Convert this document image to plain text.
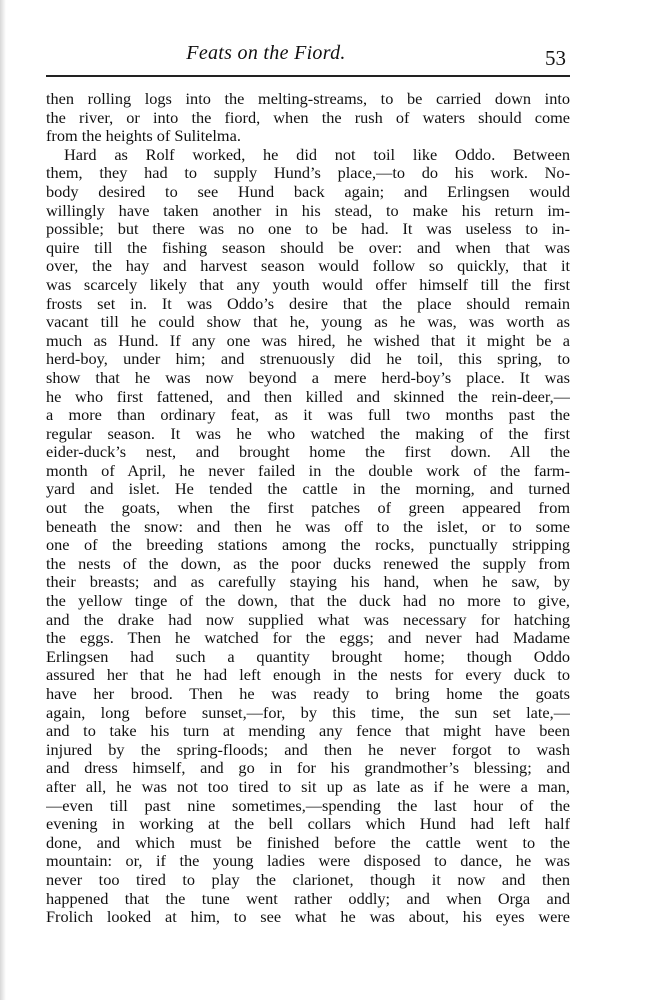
Feats on the Fiord.	53
then rolling logs into the melting-streams, to be carried down into
the river, or into the fiord, when the rush of waters should come
from the heights of Sulitelma.
Hard as Rolf worked, he did not toil like Oddo. Between
them, they had to supply Hund’s place,—to do his work. No-
body desired to see Hund back again; and Erlingsen would
willingly have taken another in his stead, to make his return im-
possible; but there was no one to be had. It was useless to in-
quire till the fishing season should be over: and when that was
over, the hay and harvest season would follow so quickly, that it
was scarcely likely that any youth would offer himself till the first
frosts set in. It was Oddo’s desire that the place should remain
vacant till he could show that he, young as he was, was worth as
much as Hund. If any one was hired, he wished that it might be a
herd-boy, under him; and strenuously did he toil, this spring, to
show that he was now beyond a mere herd-boy’s place. It was
he who first fattened, and then killed and skinned the rein-deer,—
a more than ordinary feat, as it was full two months past the
regular season. It was he who watched the making of the first
eider-duck’s nest, and brought home the first down. All the
month of April, he never failed in the double work of the farm-
yard and islet. He tended the cattle in the morning, and turned
out the goats, when the first patches of green appeared from
beneath the snow: and then he was off to the islet, or to some
one of the breeding stations among the rocks, punctually stripping
the nests of the down, as the poor ducks renewed the supply from
their breasts; and as carefully staying his hand, when he saw, by
the yellow tinge of the down, that the duck had no more to give,
and the drake had now supplied what was necessary for hatching
the eggs. Then he watched for the eggs; and never had Madame
Erlingsen had such a quantity brought home; though Oddo
assured her that he had left enough in the nests for every duck to
have her brood. Then he was ready to bring home the goats
again, long before sunset,—for, by this time, the sun set late,—
and to take his turn at mending any fence that might have been
injured by the spring-floods; and then he never forgot to wash
and dress himself, and go in for his grandmother’s blessing; and
after all, he was not too tired to sit up as late as if he were a man,
—even till past nine sometimes,—spending the last hour of the
evening in working at the bell collars which Hund had left half
done, and which must be finished before the cattle went to the
mountain: or, if the young ladies were disposed to dance, he was
never too tired to play the clarionet, though it now and then
happened that the tune went rather oddly; and when Orga and
Frolich looked at him, to see what he was about, his eyes were
